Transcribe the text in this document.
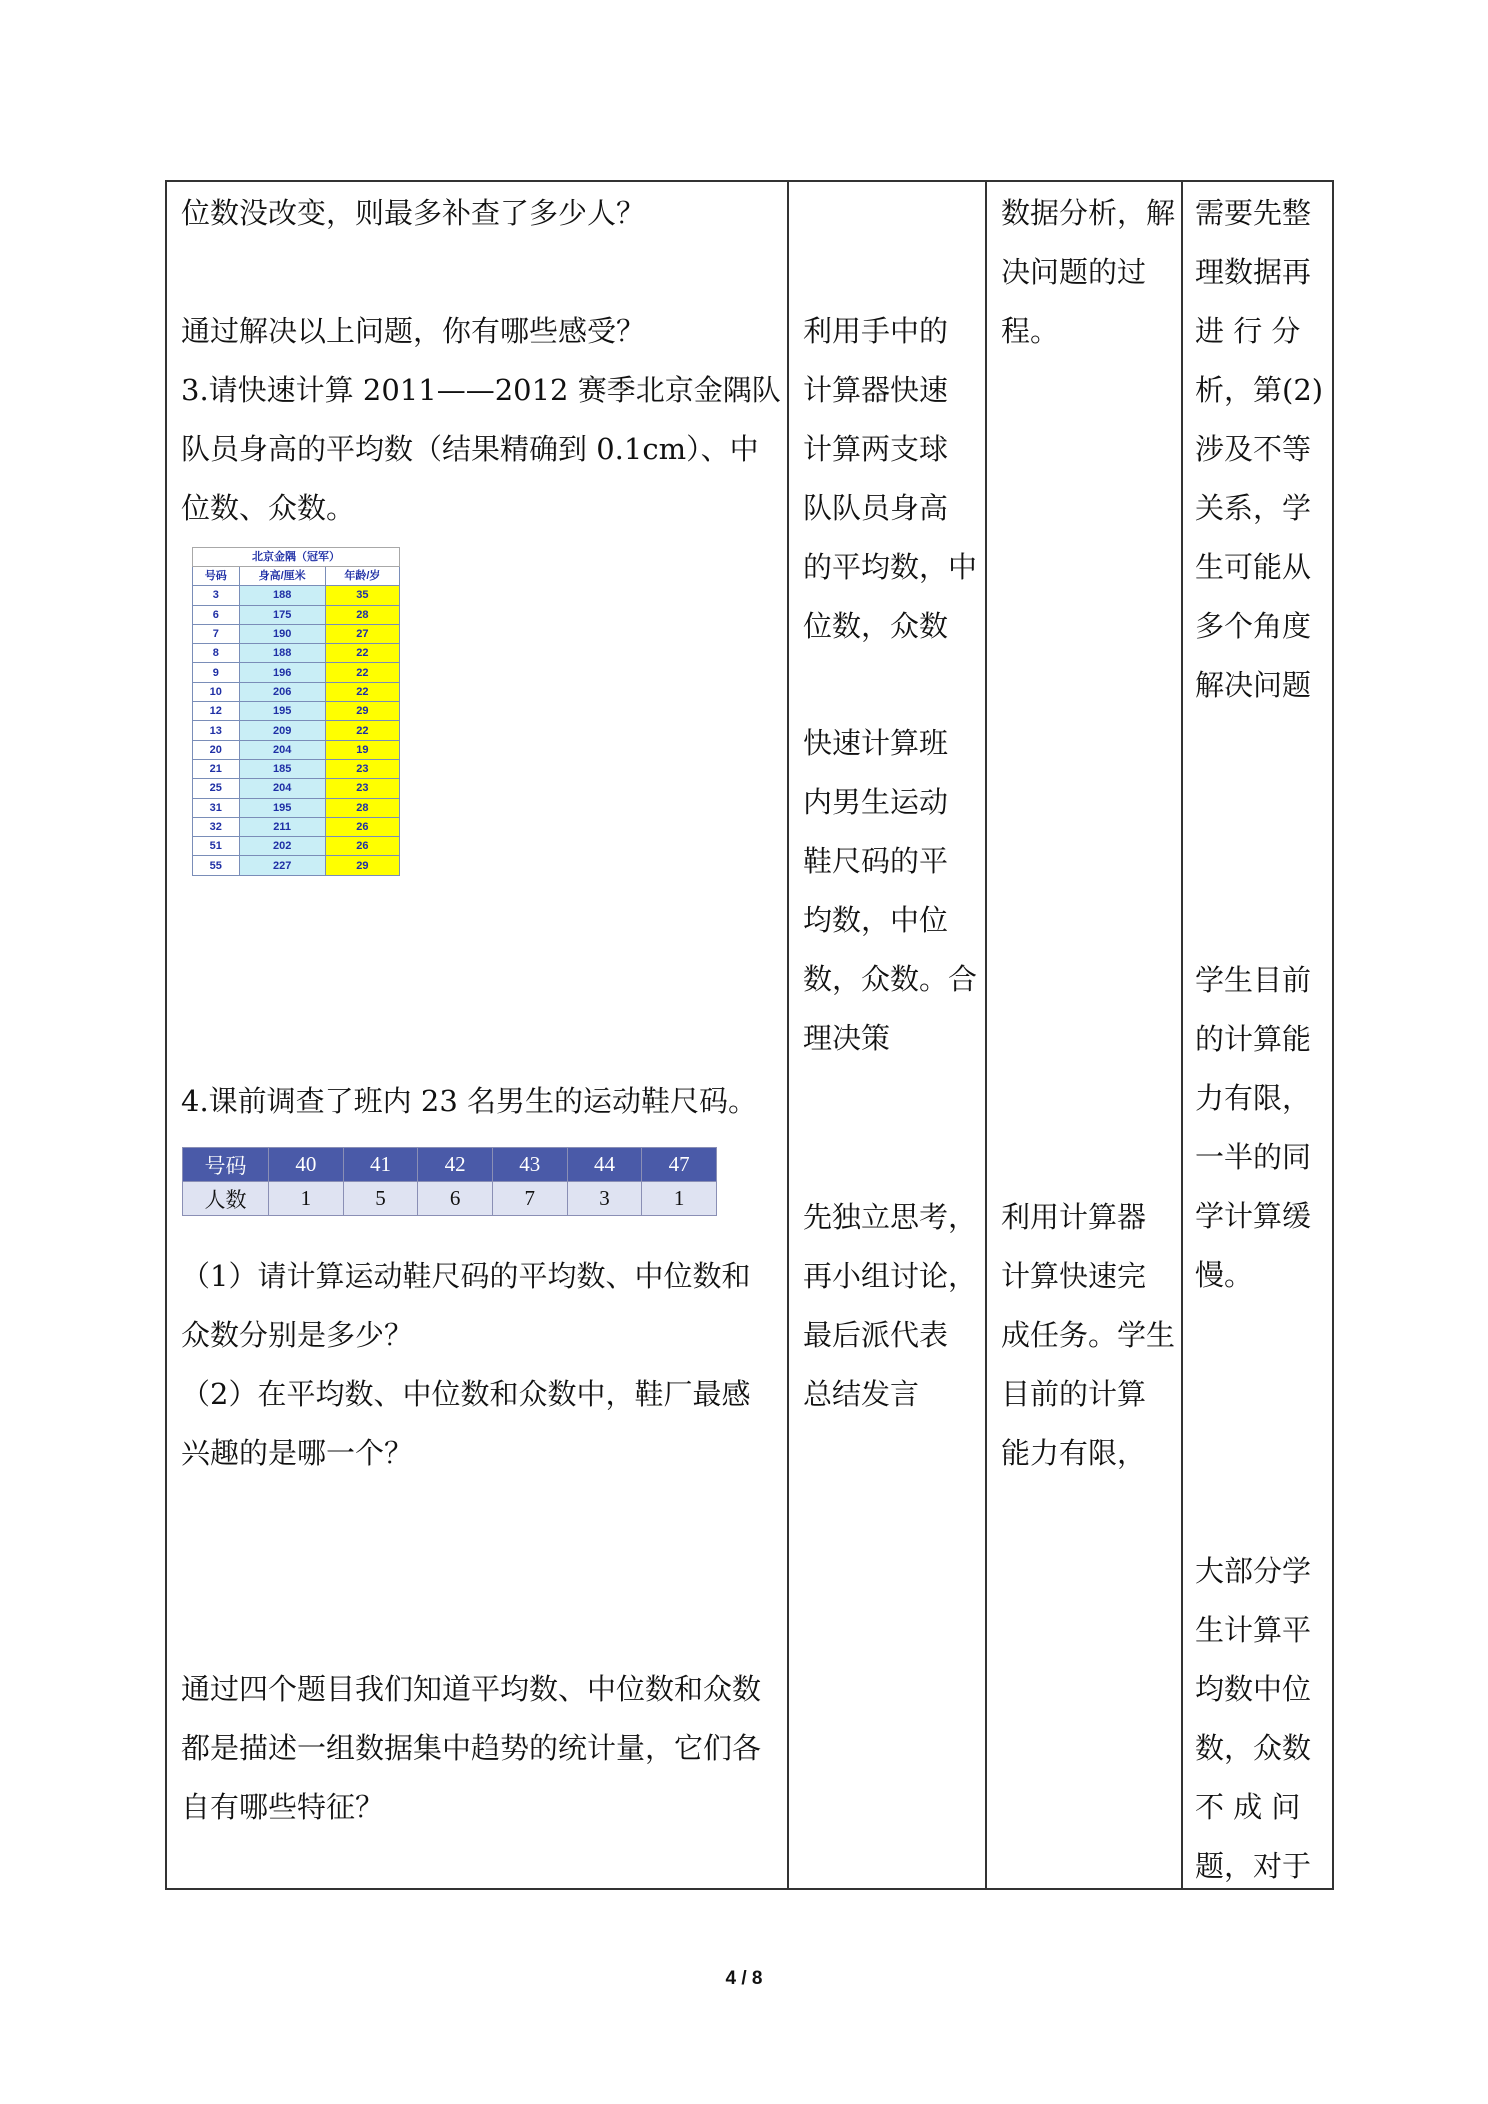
位数没改变，则最多补查了多少人？
通过解决以上问题，你有哪些感受？
3.请快速计算 2011——2012 赛季北京金隅队
队员身高的平均数（结果精确到 0.1cm）、中
位数、众数。
北京金隅（冠军）		
号码	身高/厘米	年龄/岁
3	188	35
6	175	28
7	190	27
8	188	22
9	196	22
10	206	22
12	195	29
13	209	22
20	204	19
21	185	23
25	204	23
31	195	28
32	211	26
51	202	26
55	227	29
4.课前调查了班内 23 名男生的运动鞋尺码。
号码	40	41	42	43	44	47
人数	1	5	6	7	3	1
（1）请计算运动鞋尺码的平均数、中位数和
众数分别是多少？
（2）在平均数、中位数和众数中，鞋厂最感
兴趣的是哪一个？
通过四个题目我们知道平均数、中位数和众数
都是描述一组数据集中趋势的统计量，它们各
自有哪些特征？
利用手中的
计算器快速
计算两支球
队队员身高
的平均数，中
位数，众数
快速计算班
内男生运动
鞋尺码的平
均数，中位
数，众数。合
理决策
先独立思考，
再小组讨论，
最后派代表
总结发言
数据分析，解
决问题的过
程。
利用计算器
计算快速完
成任务。学生
目前的计算
能力有限，
需要先整
理数据再
进 行 分
析，第(2)
涉及不等
关系，学
生可能从
多个角度
解决问题
学生目前
的计算能
力有限，
一半的同
学计算缓
慢。
大部分学
生计算平
均数中位
数，众数
不 成 问
题，对于
4 / 8
